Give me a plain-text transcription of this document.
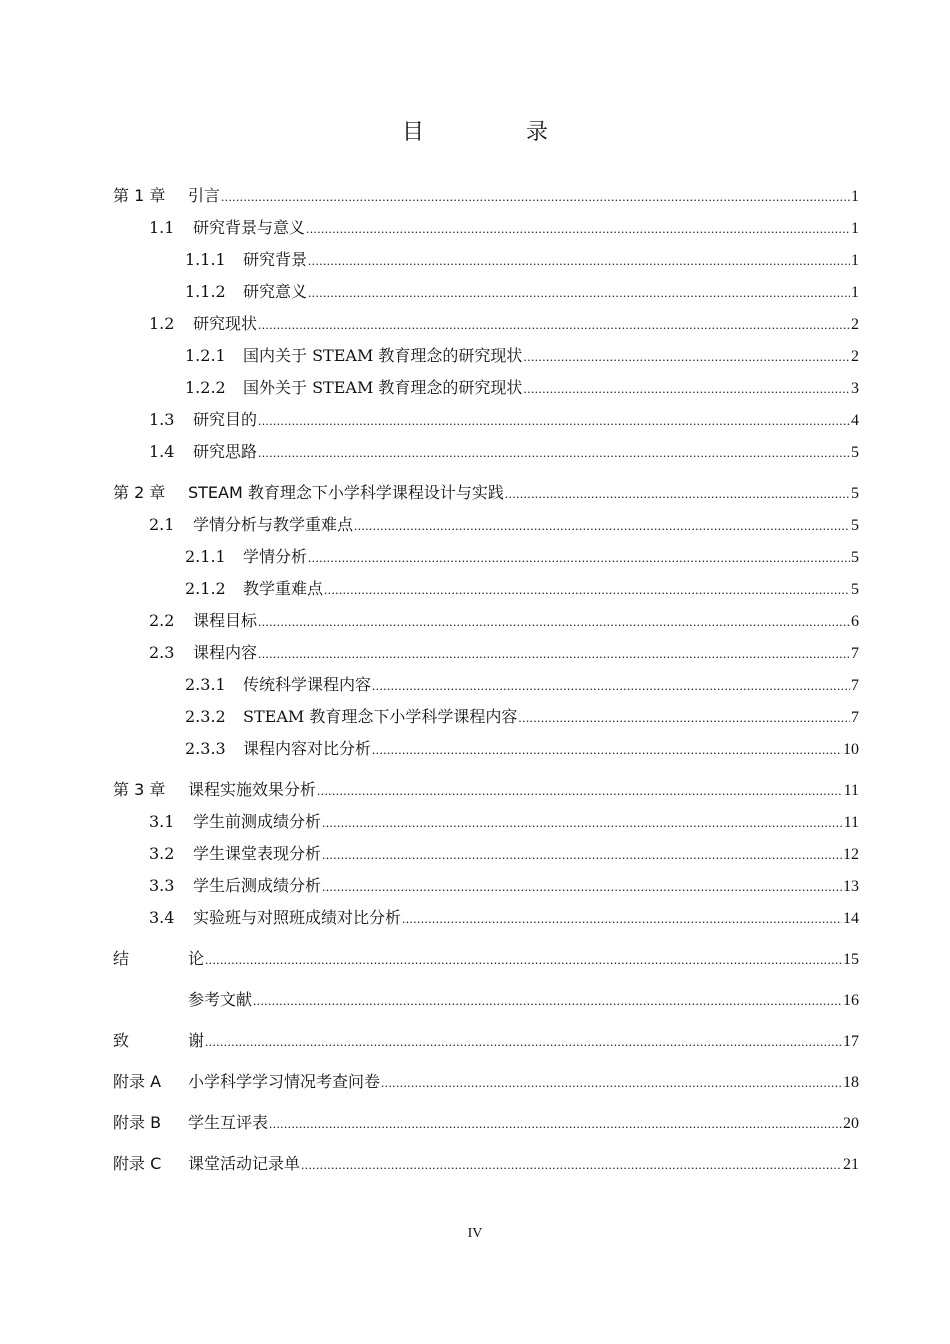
目　录
第 1 章	引言 .....	1
1.1	研究背景与意义 .....	1
1.1.1	研究背景 .....	1
1.1.2	研究意义 .....	1
1.2	研究现状 .....	2
1.2.1	国内关于 STEAM 教育理念的研究现状 .....	2
1.2.2	国外关于 STEAM 教育理念的研究现状 .....	3
1.3	研究目的 .....	4
1.4	研究思路 .....	5
第 2 章	STEAM 教育理念下小学科学课程设计与实践 .....	5
2.1	学情分析与教学重难点 .....	5
2.1.1	学情分析 .....	5
2.1.2	教学重难点 .....	5
2.2	课程目标 .....	6
2.3	课程内容 .....	7
2.3.1	传统科学课程内容 .....	7
2.3.2	STEAM 教育理念下小学科学课程内容 .....	7
2.3.3	课程内容对比分析 .....	10
第 3 章	课程实施效果分析 .....	11
3.1	学生前测成绩分析 .....	11
3.2	学生课堂表现分析 .....	12
3.3	学生后测成绩分析 .....	13
3.4	实验班与对照班成绩对比分析 .....	14
结	论 .....	15
参考文献 .....	16
致	谢 .....	17
附录 A	小学科学学习情况考查问卷 .....	18
附录 B	学生互评表 .....	20
附录 C	课堂活动记录单 .....	21
IV
